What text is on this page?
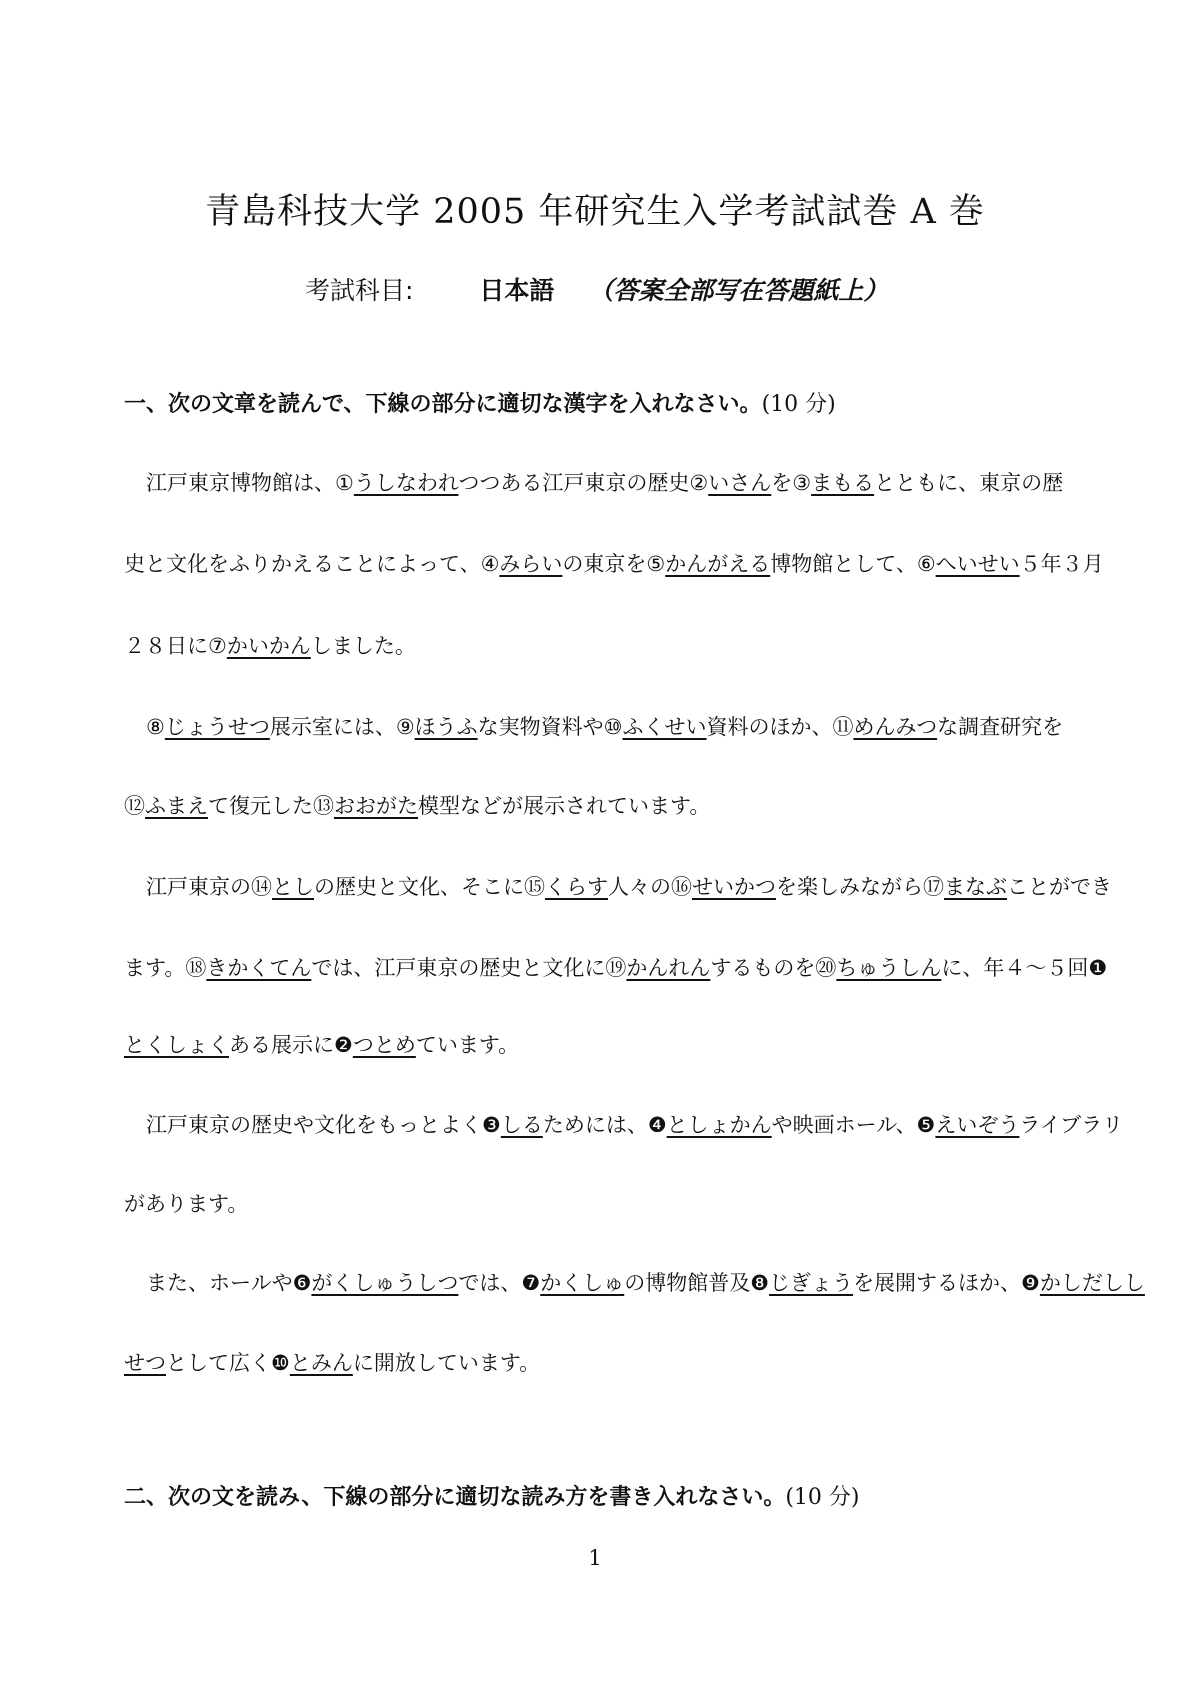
青島科技大学 2005 年研究生入学考試試巻 A 巻
考試科目:	日本語 （答案全部写在答題紙上）
一、次の文章を読んで、下線の部分に適切な漢字を入れなさい。(10 分)
江戸東京博物館は、①うしなわれつつある江戸東京の歴史②いさんを③まもるとともに、東京の歴
史と文化をふりかえることによって、④みらいの東京を⑤かんがえる博物館として、⑥へいせい５年３月
２８日に⑦かいかんしました。
⑧じょうせつ展示室には、⑨ほうふな実物資料や⑩ふくせい資料のほか、⑪めんみつな調査研究を
⑫ふまえて復元した⑬おおがた模型などが展示されています。
江戸東京の⑭としの歴史と文化、そこに⑮くらす人々の⑯せいかつを楽しみながら⑰まなぶことができ
ます。⑱きかくてんでは、江戸東京の歴史と文化に⑲かんれんするものを⑳ちゅうしんに、年４～５回❶
とくしょくある展示に❷つとめています。
江戸東京の歴史や文化をもっとよく❸しるためには、❹としょかんや映画ホール、❺えいぞうライブラリ
があります。
また、ホールや❻がくしゅうしつでは、❼かくしゅの博物館普及❽じぎょうを展開するほか、❾かしだしし
せつとして広く❿とみんに開放しています。
二、次の文を読み、下線の部分に適切な読み方を書き入れなさい。(10 分)
1
